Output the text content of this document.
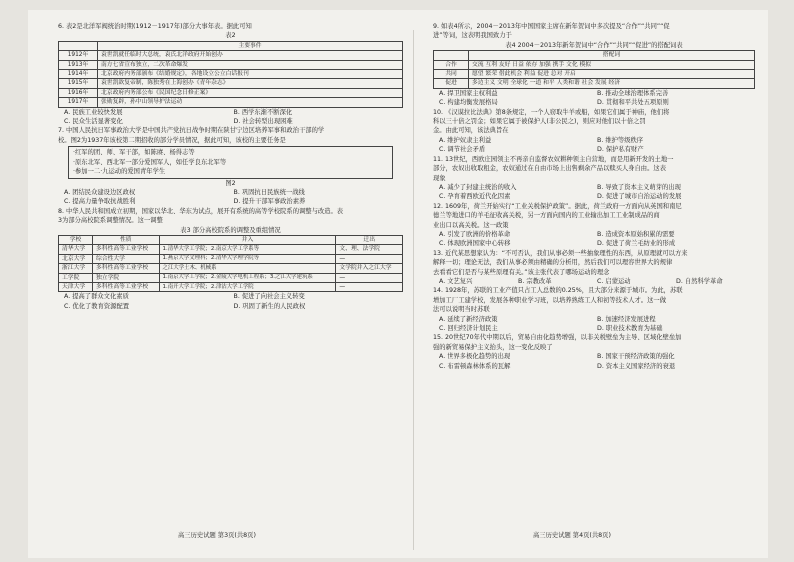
6. 表2是北洋军阀统治时期(1912－1917年)部分大事年表。据此可知

表2

	主要事件
1912年	袁世凯就任临时大总统，袁氏北洋政府开始创办
1913年	南方七省宣布独立，二次革命爆发
1914年	北京政府内务部颁布《结婚规定》，各地设立公立白话报刊
1915年	袁世凯欲复帝制，陈独秀在上海创办《青年杂志》
1916年	北京政府内务部公布《民国纪念日修正案》
1917年	张勋复辟，孙中山领导护法运动
A. 民族工业较快发展	B. 西学东渐不断深化
C. 民众生活显著变化	D. 社会转型出现困难

7. 中国人民抗日军事政治大学是中国共产党抗日战争时期在陕甘宁边区培养军事和政治干部的学

校。图2为1937年该校第二期招收的部分学员情况，据此可知，该校的主要任务是

·红军的团、师、军干部，如陈赓、杨得志等

·原东北军、西北军一部分爱国军人，如任学良东北军等

·参加一二·九运动的爱国青年学生

图2

A. 团结民众建设边区政权	B. 巩固抗日民族统一战线
C. 提高力量争取抗战胜利	D. 提升干部军事政治素养

8. 中华人民共和国成立初期，国家以华北、华东为试点，展开有系统的高等学校院系的调整与改造。表

3为部分高校院系调整情况。这一调整

表3 部分高校院系的调整及重组情况

学校	性质	并入	迁出
清华大学	多科性高等工业学校	1.清华大学工学院；2.南京大学工学系等	文、理、法学院
北京大学	综合性大学	1.燕京大学文理科；2.清华大学理学院等	—
浙江大学	多科性高等工业学校	之江大学土木、机械系	文学院并入之江大学
工学院	独立学院	1.南京大学工学院；2.金陵大学电机工程系；3.之江大学建筑系	—
天津大学	多科性高等工业学校	1.南开大学工学院；2.津沽大学工学院	—
A. 提高了群众文化素质	B. 促进了向社会主义转变
C. 优化了教育资源配置	D. 巩固了新生的人民政权
高三历史试题 第3页(共8页)

9. 如表4所示，2004－2013年中国国家主席在新年贺词中多次提及“合作”“共同”“促

进”等词，这表明我国致力于

表4 2004－2013年新年贺词中“合作”“共同”“促进”的搭配词表

	搭配词
合作	交流 互利 友好 日益 依存 加强 携手 文化 模拟
共同	愿望 繁荣 借此机会 利益 促进 总对 开启
促进	多边主义 文明 全球化 一道 和平 人类和谐 社会 发展 经济
A. 捍卫国家主权利益	B. 推动全球治理体系完善
C. 构建均衡发展格局	D. 贯彻和平共处五项原则

10. 《汉谟拉比法典》第8条规定，一个人窃取牛羊或船，如果它们属于神庙，他们将

科以三十倍之罚金；如果它属于被保护人(非公民之)，则应对他们以十倍之罚

金。由此可知，该法典旨在

A. 维护奴隶主利益	B. 维护等级秩序
C. 调节社会矛盾	D. 保护私有财产

11. 13世纪，西欧庄园领主不再亲自监督农奴耕种领主自营地，而是用新开发的土地一

部分，农奴出收取租金，农奴通过在自由市场上出售剩余产品以赎买人身自由。这表

现象

A. 减少了封建主统治的收入	B. 导致了资本主义萌芽的出现
C. 孕育着西欧近代化因素	D. 促进了城市自治运动的发展

12. 1609年，荷兰开始实行“工业关税保护政策”。据此，荷兰政府一方面向从英国和南尼

德兰等地进口的羊毛征收高关税，另一方面向国内的工业输出加工工业制成品的商

业出口以高关税。这一政策

A. 引发了欧洲的价格革命	B. 造成资本原始积累的需要
C. 体现欧洲国家中心转移	D. 促进了荷兰毛纺业的形成

13. 近代某思想家认为：“不可否认，我们从事必须一些抽象理性的东西，从原理就可以方来

解释一切；理论无法，我们从事必须由精确的分析用，然后我们可以理容世界大的规律

去看看它们是否与某些原理有关。”该主张代表了哪场运动的理念

A. 文艺复兴	B. 宗教改革	C. 启蒙运动	D. 自然科学革命

14. 1928年，苏联的工业产值只占工人总数的0.25%，且大部分来源于城市。为此，苏联

增加工厂工建学校，发展各种职业学习班，以培养熟练工人和初等技术人才。这一做

法可以说明当时苏联

A. 延续了新经济政策	B. 加速经济发展进程
C. 回归经济计划民主	D. 职业技术教育为基础

15. 20世纪70年代中期以后，贸易自由化趋势增强，以非关税壁垒为主导、区域化壁垒加

强的新贸易保护主义抬头，这一变化反映了

A. 世界多极化趋势的出现	B. 国家干预经济政策的强化
C. 布雷顿森林体系的瓦解	D. 资本主义国家经济的衰退
高三历史试题 第4页(共8页)
